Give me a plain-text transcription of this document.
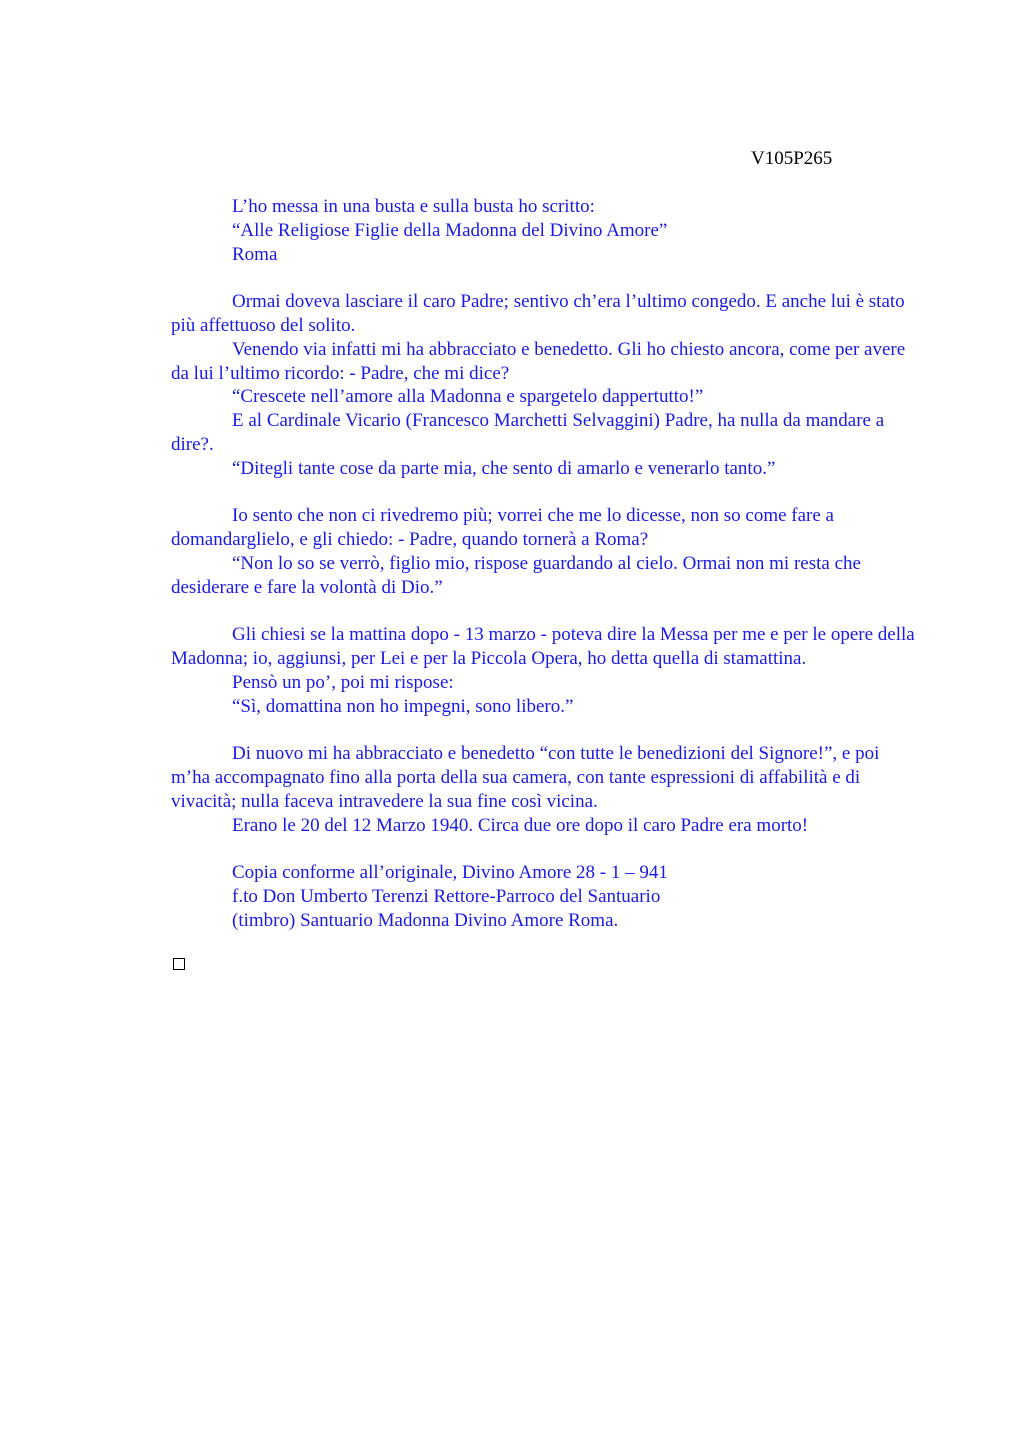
V105P265

L’ho messa in una busta e sulla busta ho scritto:

“Alle Religiose Figlie della Madonna del Divino Amore”

Roma

Ormai doveva lasciare il caro Padre; sentivo ch’era l’ultimo congedo. E anche lui è stato più affettuoso del solito.

Venendo via infatti mi ha abbracciato e benedetto. Gli ho chiesto ancora, come per avere da lui l’ultimo ricordo: - Padre, che mi dice?

“Crescete nell’amore alla Madonna e spargetelo dappertutto!”

E al Cardinale Vicario (Francesco Marchetti Selvaggini) Padre, ha nulla da mandare a dire?.

“Ditegli tante cose da parte mia, che sento di amarlo e venerarlo tanto.”

Io sento che non ci rivedremo più; vorrei che me lo dicesse, non so come fare a domandarglielo, e gli chiedo: - Padre, quando tornerà a Roma?

“Non lo so se verrò, figlio mio, rispose guardando al cielo. Ormai non mi resta che desiderare e fare la volontà di Dio.”

Gli chiesi se la mattina dopo - 13 marzo - poteva dire la Messa per me e per le opere della Madonna; io, aggiunsi, per Lei e per la Piccola Opera, ho detta quella di stamattina.

Pensò un po’, poi mi rispose:

“Sì, domattina non ho impegni, sono libero.”

Di nuovo mi ha abbracciato e benedetto “con tutte le benedizioni del Signore!”, e poi m’ha accompagnato fino alla porta della sua camera, con tante espressioni di affabilità e di vivacità; nulla faceva intravedere la sua fine così vicina.

Erano le 20 del 12 Marzo 1940. Circa due ore dopo il caro Padre era morto!

Copia conforme all’originale, Divino Amore 28 - 1 – 941

f.to Don Umberto Terenzi Rettore-Parroco del Santuario

(timbro) Santuario Madonna Divino Amore Roma.
